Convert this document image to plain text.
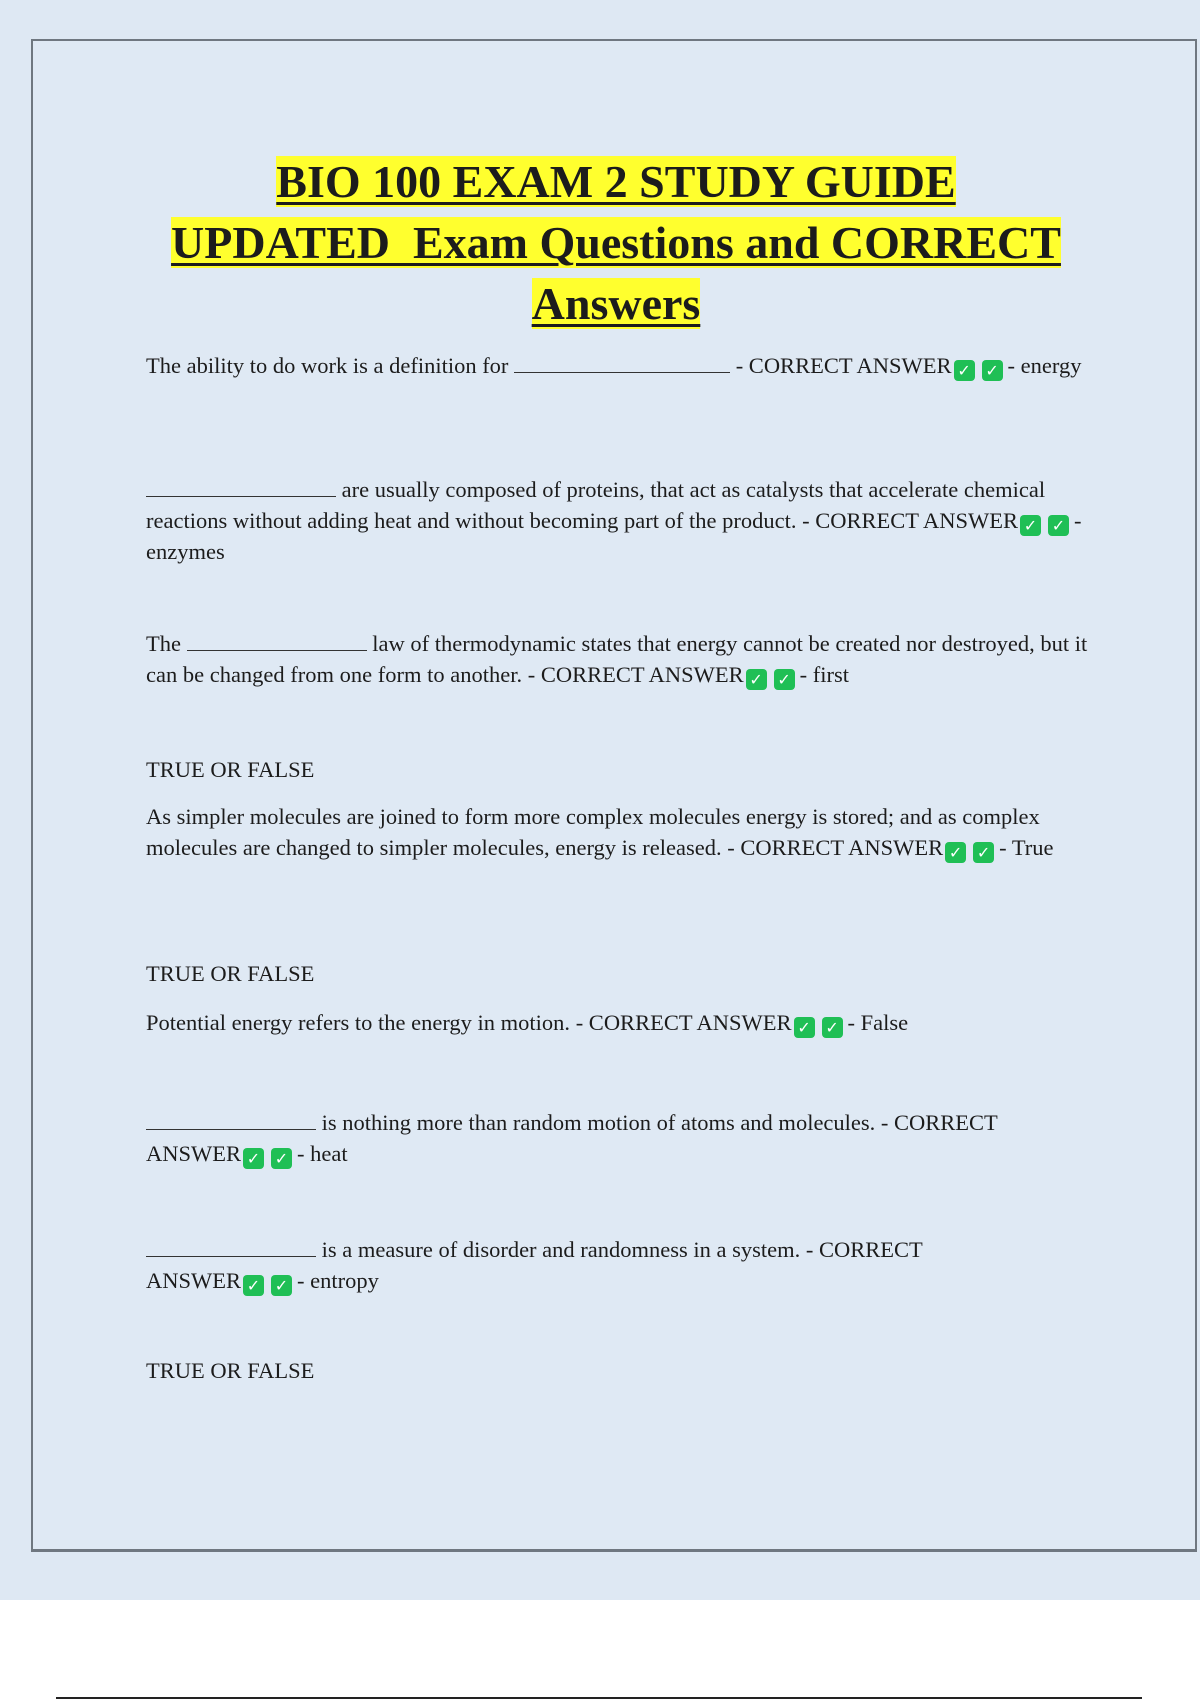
BIO 100 EXAM 2 STUDY GUIDE
UPDATED  Exam Questions and CORRECT
Answers

The ability to do work is a definition for	- CORRECT ANSWER ✓ ✓ - energy

are usually composed of proteins, that act as catalysts that accelerate chemical reactions without adding heat and without becoming part of the product. - CORRECT ANSWER ✓ ✓ - enzymes

The	law of thermodynamic states that energy cannot be created nor destroyed, but it can be changed from one form to another. - CORRECT ANSWER ✓ ✓ - first

TRUE OR FALSE

As simpler molecules are joined to form more complex molecules energy is stored; and as complex molecules are changed to simpler molecules, energy is released. - CORRECT ANSWER ✓ ✓ - True

TRUE OR FALSE

Potential energy refers to the energy in motion. - CORRECT ANSWER ✓ ✓ - False

is nothing more than random motion of atoms and molecules. - CORRECT
ANSWER ✓ ✓ - heat

is a measure of disorder and randomness in a system. - CORRECT
ANSWER ✓ ✓ - entropy

TRUE OR FALSE
